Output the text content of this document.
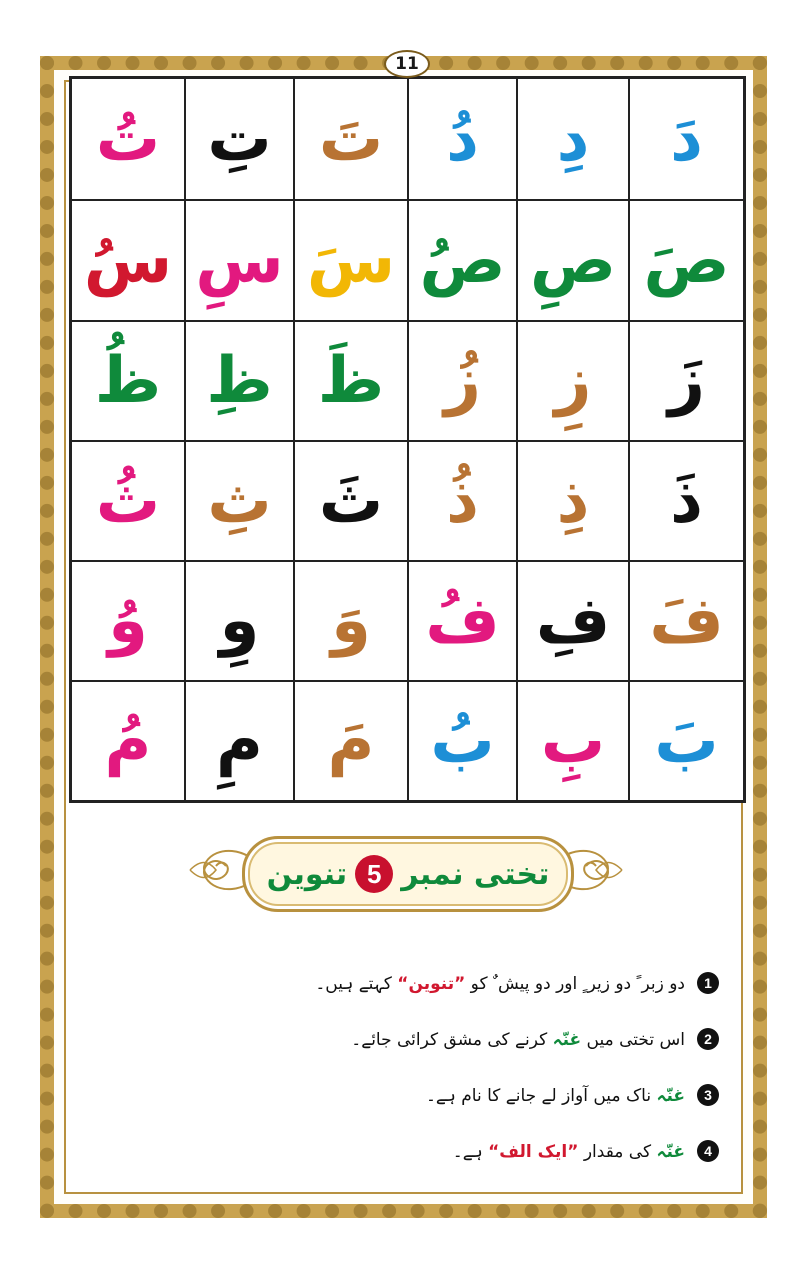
11
دَ
دِ
دُ
تَ
تِ
تُ
صَ
صِ
صُ
سَ
سِ
سُ
زَ
زِ
زُ
ظَ
ظِ
ظُ
ذَ
ذِ
ذُ
ثَ
ثِ
ثُ
فَ
فِ
فُ
وَ
وِ
وُ
بَ
بِ
بُ
مَ
مِ
مُ
تختی نمبر
5
تنوین
1
دو زبر ً دو زیر ٍ اور دو پیش ٌ کو ”تنوین“ کہتے ہیں۔
2
اس تختی میں غنّہ کرنے کی مشق کرائی جائے۔
3
غنّہ ناک میں آواز لے جانے کا نام ہے۔
4
غنّہ کی مقدار ”ایک الف“ ہے۔
